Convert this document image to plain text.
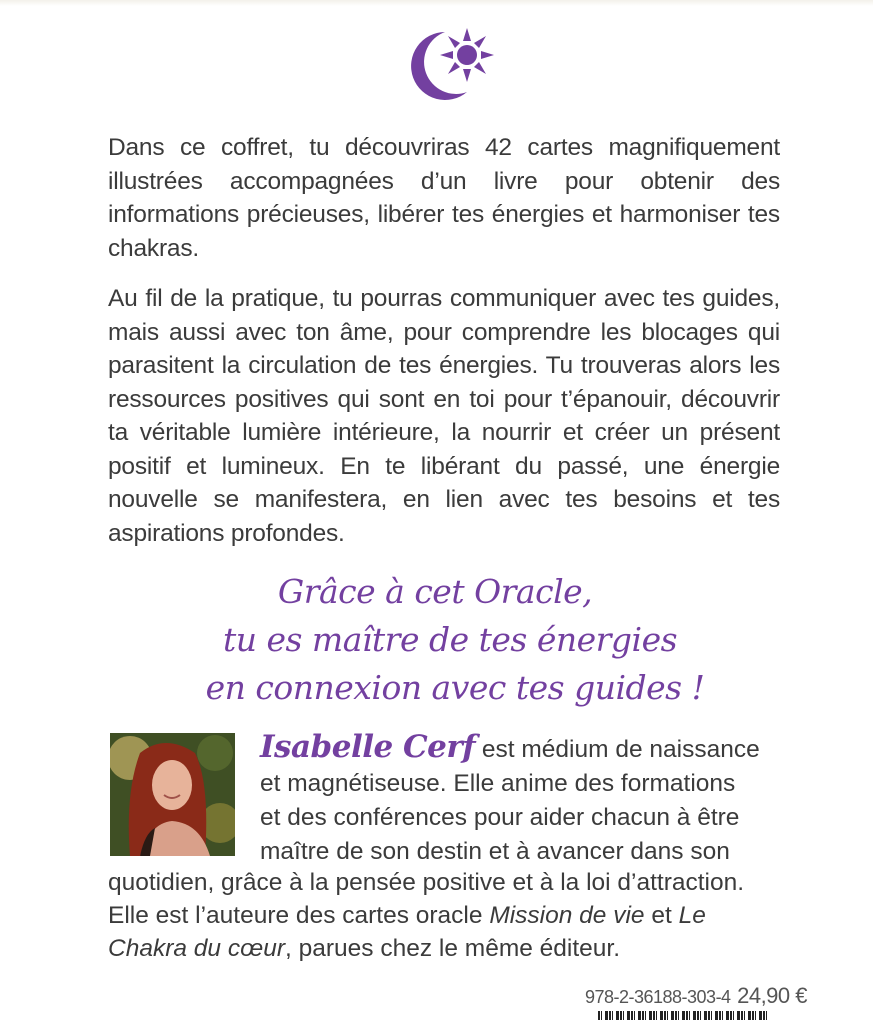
Dans ce coffret, tu découvriras 42 cartes magnifiquement illustrées accompagnées d’un livre pour obtenir des informations précieuses, libérer tes énergies et harmoniser tes chakras.

Au fil de la pratique, tu pourras communiquer avec tes guides, mais aussi avec ton âme, pour comprendre les blocages qui parasitent la circulation de tes énergies. Tu trouveras alors les ressources positives qui sont en toi pour t’épanouir, découvrir ta véritable lumière intérieure, la nourrir et créer un présent positif et lumineux. En te libérant du passé, une énergie nouvelle se manifestera, en lien avec tes besoins et tes aspirations profondes.

Grâce à cet Oracle,
tu es maître de tes énergies
en connexion avec tes guides !
Isabelle Cerf est médium de naissance
et magnétiseuse. Elle anime des formations
et des conférences pour aider chacun à être
maître de son destin et à avancer dans son

quotidien, grâce à la pensée positive et à la loi d’attraction.
Elle est l’auteure des cartes oracle Mission de vie et Le
Chakra du cœur, parues chez le même éditeur.

978-2-36188-303-4 24,90 €
